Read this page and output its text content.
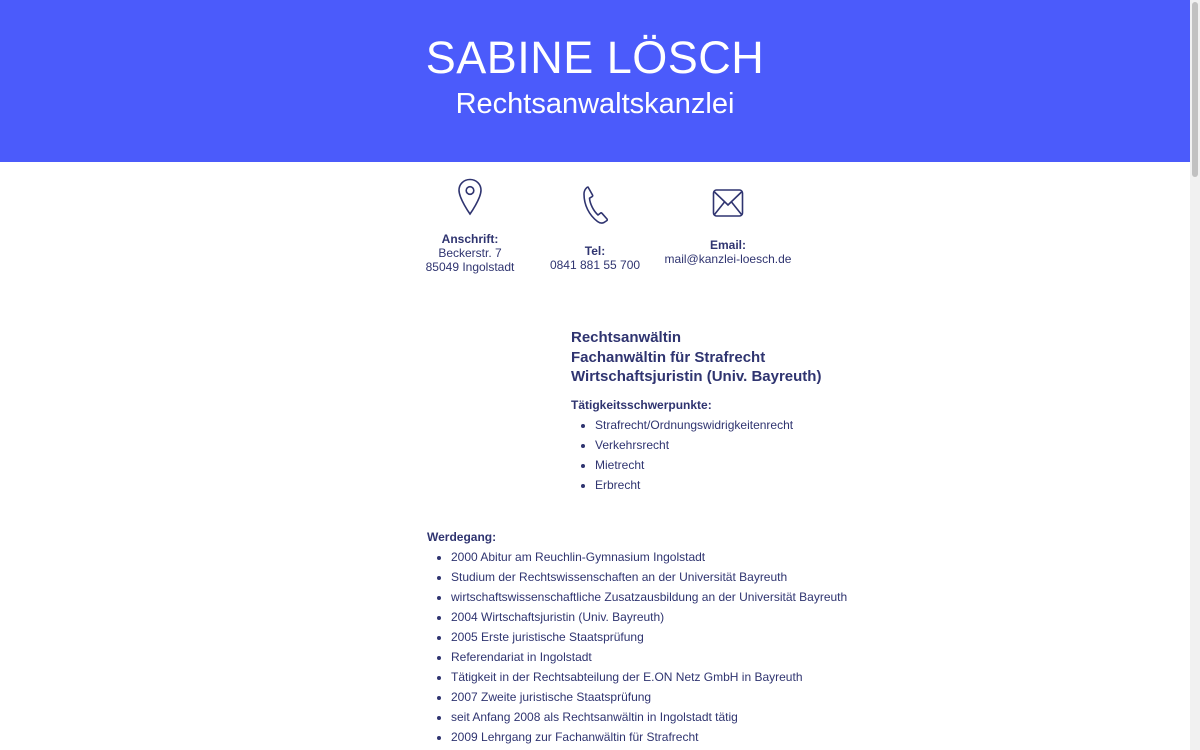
SABINE LÖSCH
Rechtsanwaltskanzlei
Anschrift:
Beckerstr. 7
85049 Ingolstadt
Tel:
0841 881 55 700
Email:
mail@kanzlei-loesch.de
Rechtsanwältin
Fachanwältin für Strafrecht
Wirtschaftsjuristin (Univ. Bayreuth)
Tätigkeitsschwerpunkte:
• Strafrecht/Ordnungswidrigkeitenrecht
• Verkehrsrecht
• Mietrecht
• Erbrecht
Werdegang:
• 2000 Abitur am Reuchlin-Gymnasium Ingolstadt
• Studium der Rechtswissenschaften an der Universität Bayreuth
• wirtschaftswissenschaftliche Zusatzausbildung an der Universität Bayreuth
• 2004 Wirtschaftsjuristin (Univ. Bayreuth)
• 2005 Erste juristische Staatsprüfung
• Referendariat in Ingolstadt
• Tätigkeit in der Rechtsabteilung der E.ON Netz GmbH in Bayreuth
• 2007 Zweite juristische Staatsprüfung
• seit Anfang 2008 als Rechtsanwältin in Ingolstadt tätig
• 2009 Lehrgang zur Fachanwältin für Strafrecht
